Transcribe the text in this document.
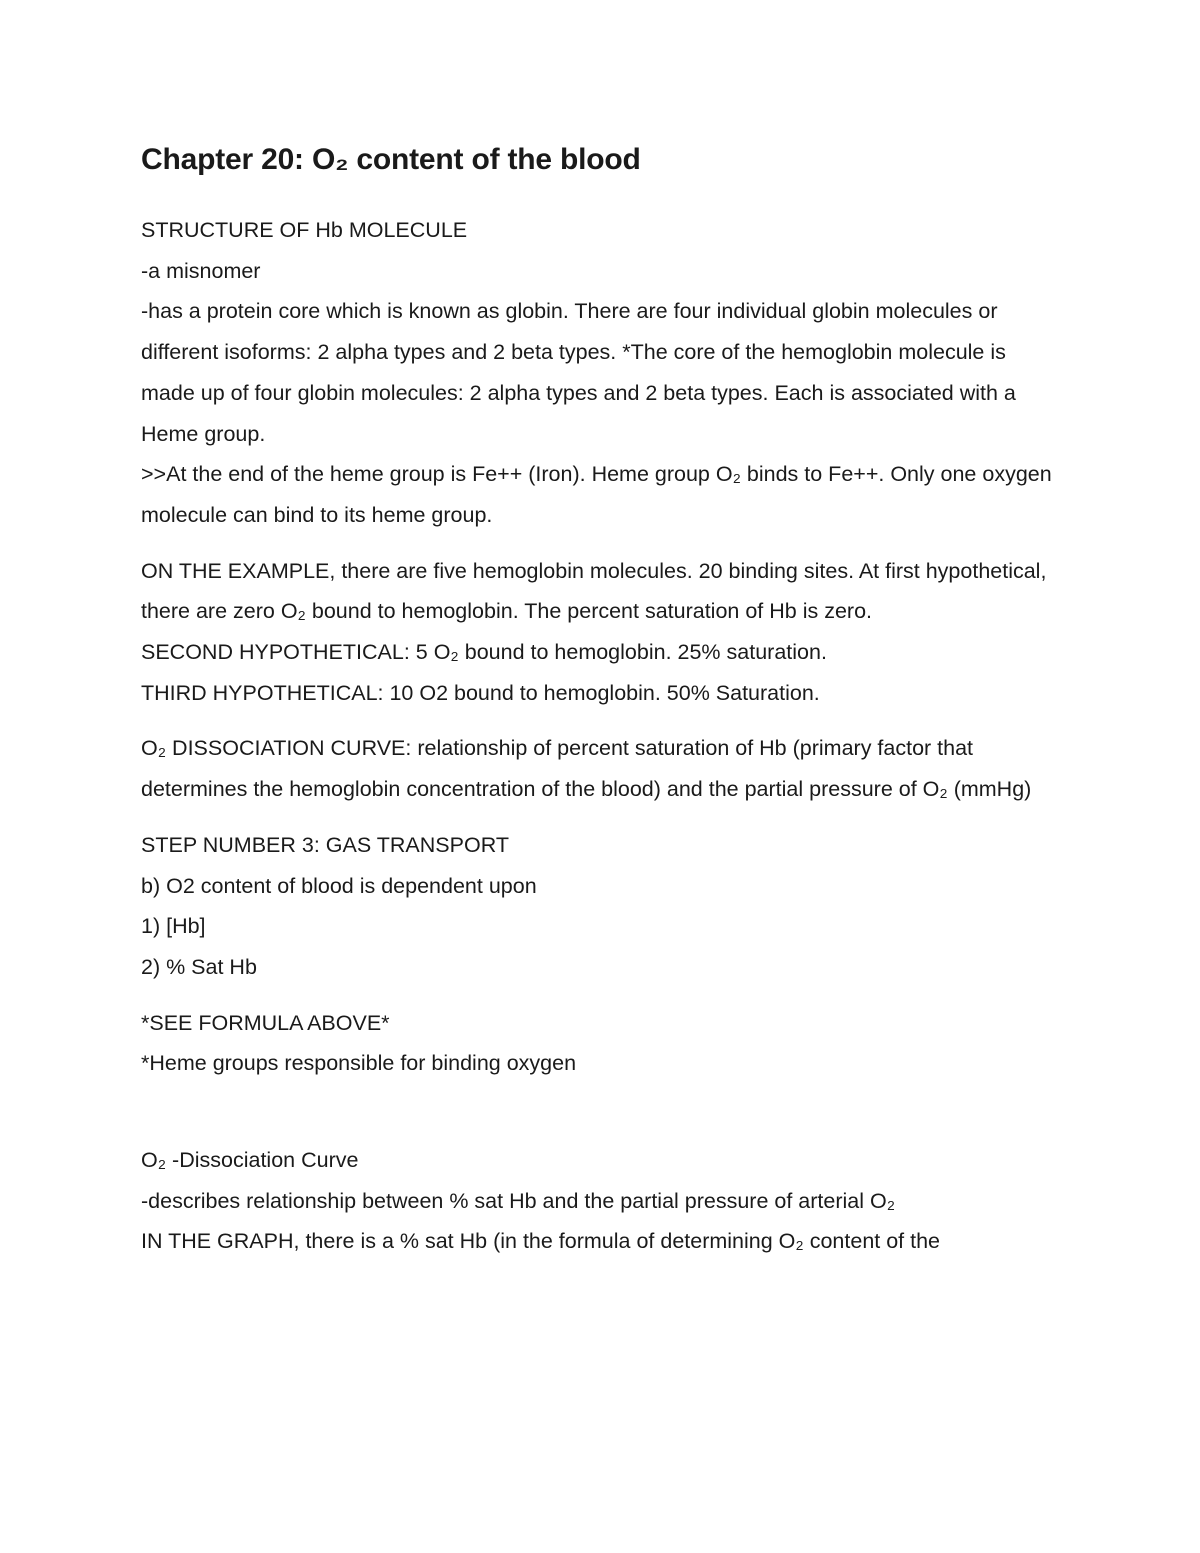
Chapter 20: O₂ content of the blood
STRUCTURE OF Hb MOLECULE
-a misnomer
-has a protein core which is known as globin. There are four individual globin molecules or different isoforms: 2 alpha types and 2 beta types. *The core of the hemoglobin molecule is made up of four globin molecules: 2 alpha types and 2 beta types. Each is associated with a Heme group.
>>At the end of the heme group is Fe++ (Iron). Heme group O₂ binds to Fe++. Only one oxygen molecule can bind to its heme group.
ON THE EXAMPLE, there are five hemoglobin molecules. 20 binding sites. At first hypothetical, there are zero O₂ bound to hemoglobin. The percent saturation of Hb is zero.
SECOND HYPOTHETICAL: 5 O₂ bound to hemoglobin. 25% saturation.
THIRD HYPOTHETICAL: 10 O2 bound to hemoglobin. 50% Saturation.
O₂ DISSOCIATION CURVE: relationship of percent saturation of Hb (primary factor that determines the hemoglobin concentration of the blood) and the partial pressure of O₂ (mmHg)
STEP NUMBER 3: GAS TRANSPORT
b) O2 content of blood is dependent upon
1) [Hb]
2) % Sat Hb
*SEE FORMULA ABOVE*
*Heme groups responsible for binding oxygen
O₂ -Dissociation Curve
-describes relationship between % sat Hb and the partial pressure of arterial O₂
IN THE GRAPH, there is a % sat Hb (in the formula of determining O₂ content of the
